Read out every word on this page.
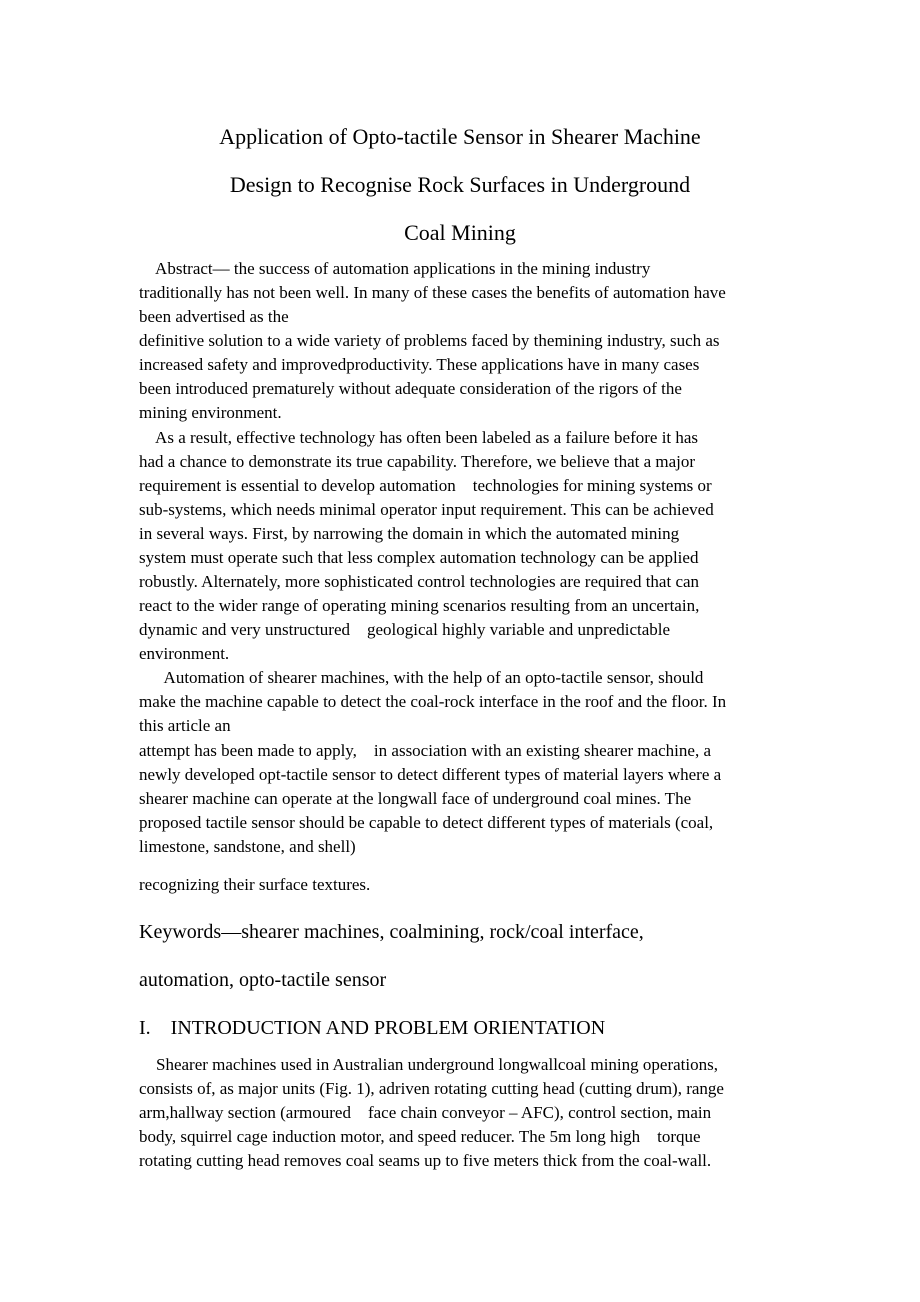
Application of Opto-tactile Sensor in Shearer Machine
Design to Recognise Rock Surfaces in Underground
Coal Mining

Abstract— the success of automation applications in the mining industry

traditionally has not been well. In many of these cases the benefits of automation have

been advertised as the

definitive solution to a wide variety of problems faced by themining industry, such as

increased safety and improvedproductivity. These applications have in many cases

been introduced prematurely without adequate consideration of the rigors of the

mining environment.

As a result, effective technology has often been labeled as a failure before it has

had a chance to demonstrate its true capability. Therefore, we believe that a major

requirement is essential to develop automation    technologies for mining systems or

sub-systems, which needs minimal operator input requirement. This can be achieved

in several ways. First, by narrowing the domain in which the automated mining

system must operate such that less complex automation technology can be applied

robustly. Alternately, more sophisticated control technologies are required that can

react to the wider range of operating mining scenarios resulting from an uncertain,

dynamic and very unstructured    geological highly variable and unpredictable

environment.

Automation of shearer machines, with the help of an opto-tactile sensor, should

make the machine capable to detect the coal-rock interface in the roof and the floor. In

this article an

attempt has been made to apply,    in association with an existing shearer machine, a

newly developed opt-tactile sensor to detect different types of material layers where a

shearer machine can operate at the longwall face of underground coal mines. The

proposed tactile sensor should be capable to detect different types of materials (coal,

limestone, sandstone, and shell)

recognizing their surface textures.

Keywords—shearer machines, coalmining, rock/coal interface,

automation, opto-tactile sensor

I.    INTRODUCTION AND PROBLEM ORIENTATION

Shearer machines used in Australian underground longwallcoal mining operations,

consists of, as major units (Fig. 1), adriven rotating cutting head (cutting drum), range

arm,hallway section (armoured    face chain conveyor – AFC), control section, main

body, squirrel cage induction motor, and speed reducer. The 5m long high    torque

rotating cutting head removes coal seams up to five meters thick from the coal-wall.
